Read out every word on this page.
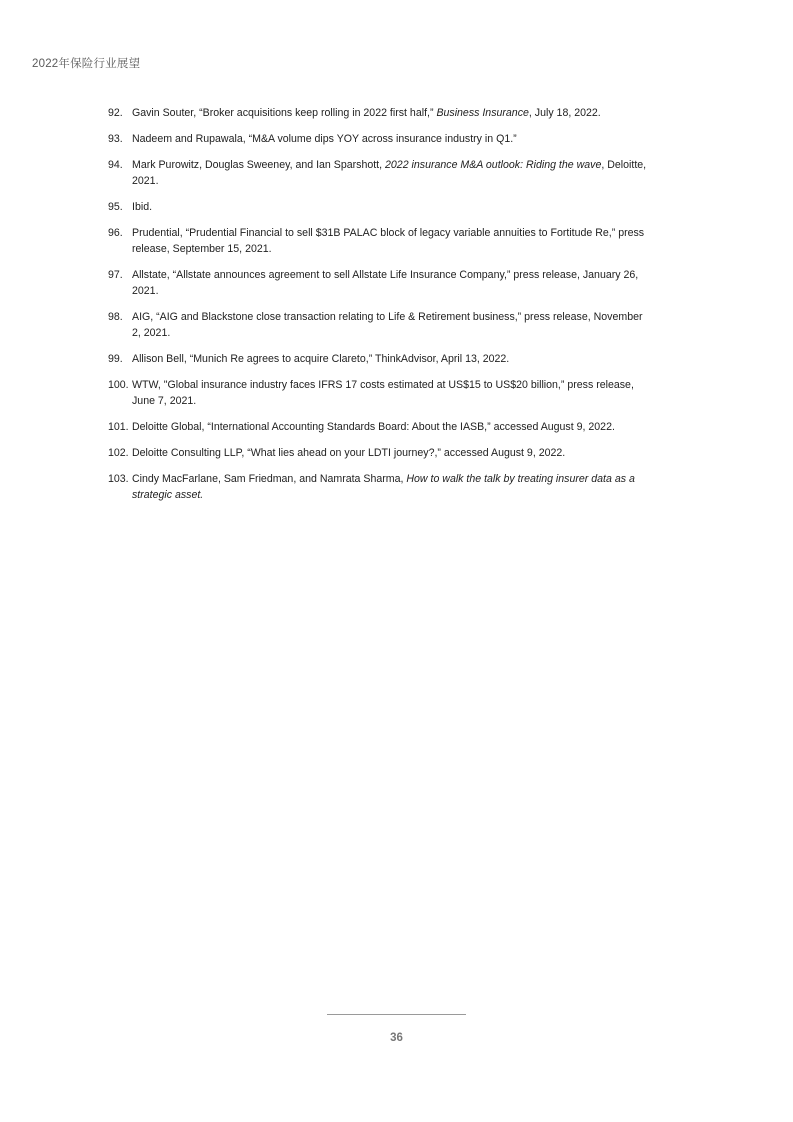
2022年保险行业展望
92. Gavin Souter, “Broker acquisitions keep rolling in 2022 first half,” Business Insurance, July 18, 2022.
93. Nadeem and Rupawala, “M&A volume dips YOY across insurance industry in Q1.”
94. Mark Purowitz, Douglas Sweeney, and Ian Sparshott, 2022 insurance M&A outlook: Riding the wave, Deloitte, 2021.
95. Ibid.
96. Prudential, “Prudential Financial to sell $31B PALAC block of legacy variable annuities to Fortitude Re,” press release, September 15, 2021.
97. Allstate, “Allstate announces agreement to sell Allstate Life Insurance Company,” press release, January 26, 2021.
98. AIG, “AIG and Blackstone close transaction relating to Life & Retirement business,” press release, November 2, 2021.
99. Allison Bell, “Munich Re agrees to acquire Clareto,” ThinkAdvisor, April 13, 2022.
100. WTW, "Global insurance industry faces IFRS 17 costs estimated at US$15 to US$20 billion,” press release, June 7, 2021.
101. Deloitte Global, “International Accounting Standards Board: About the IASB,” accessed August 9, 2022.
102. Deloitte Consulting LLP, “What lies ahead on your LDTI journey?,” accessed August 9, 2022.
103. Cindy MacFarlane, Sam Friedman, and Namrata Sharma, How to walk the talk by treating insurer data as a strategic asset.
36
